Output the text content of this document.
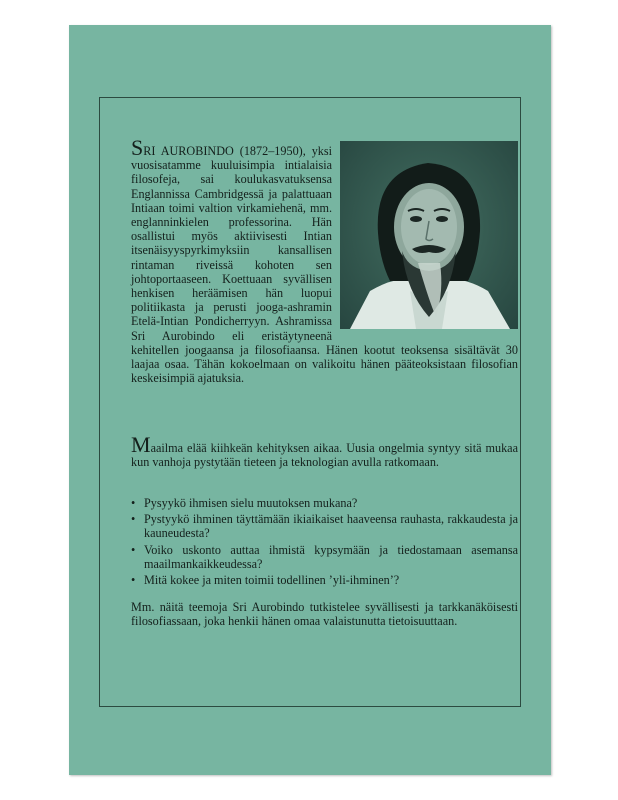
SRI AUROBINDO (1872–1950), yksi vuosisatamme kuuluisimpia intialaisia filosofeja, sai koulukasvatuksensa Englannissa Cambridgessä ja palattuaan Intiaan toimi valtion virkamiehenä, mm. englanninkielen professorina. Hän osallistui myös aktiivisesti Intian itsenäisyyspyrkimyksiin kansallisen rintaman riveissä kohoten sen johtoportaaseen. Koettuaan syvällisen henkisen heräämisen hän luopui politiikasta ja perusti jooga-ashramin Etelä-Intian Pondicherryyn. Ashramissa Sri Aurobindo eli eristäytyneenä kehitellen joogaansa ja filosofiaansa. Hänen kootut teoksensa sisältävät 30 laajaa osaa. Tähän kokoelmaan on valikoitu hänen pääteoksistaan filosofian keskeisimpiä ajatuksia.
Maailma elää kiihkeän kehityksen aikaa. Uusia ongelmia syntyy sitä mukaa kun vanhoja pystytään tieteen ja teknologian avulla ratkomaan.
• Pysyykö ihmisen sielu muutoksen mukana?
• Pystyykö ihminen täyttämään ikiaikaiset haaveensa rauhasta, rakkaudesta ja kauneudesta?
• Voiko uskonto auttaa ihmistä kypsymään ja tiedostamaan asemansa maailmankaikkeudessa?
• Mitä kokee ja miten toimii todellinen ’yli-ihminen’?
Mm. näitä teemoja Sri Aurobindo tutkistelee syvällisesti ja tarkkanäköisesti filosofiassaan, joka henkii hänen omaa valaistunutta tietoisuuttaan.
